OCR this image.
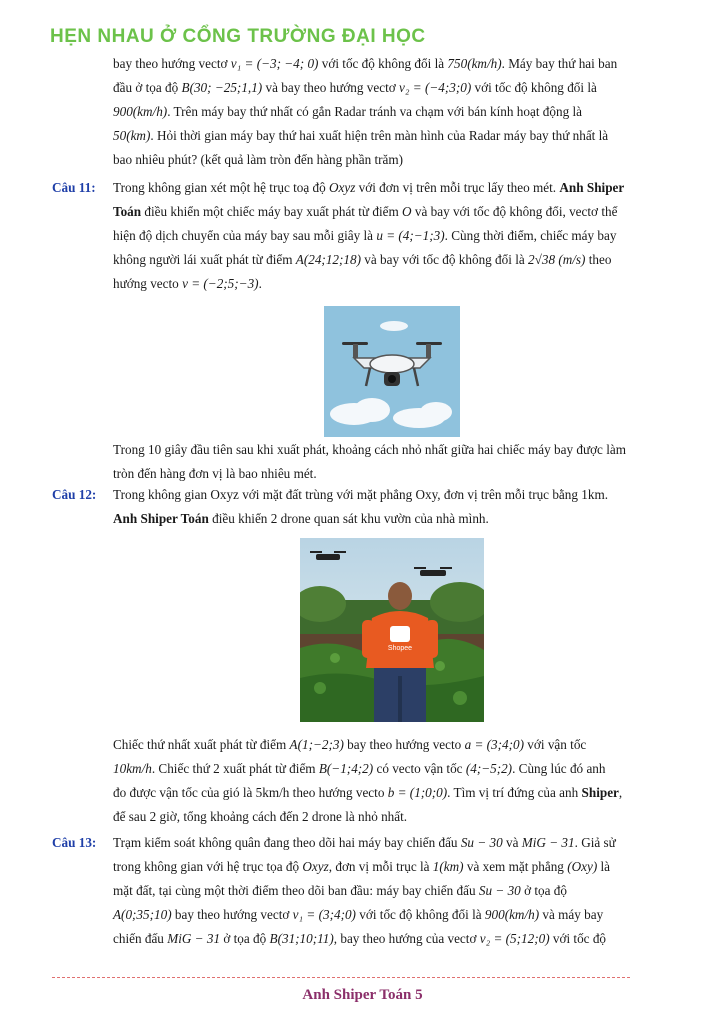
HẸN NHAU Ở CỔNG TRƯỜNG ĐẠI HỌC
bay theo hướng vectơ v₁ = (−3; −4; 0) với tốc độ không đổi là 750(km/h). Máy bay thứ hai ban
đầu ở tọa độ B(30; −25;1,1) và bay theo hướng vectơ v₂ = (−4;3;0) với tốc độ không đổi là
900(km/h). Trên máy bay thứ nhất có gắn Radar tránh va chạm với bán kính hoạt động là
50(km). Hỏi thời gian máy bay thứ hai xuất hiện trên màn hình của Radar máy bay thứ nhất là
bao nhiêu phút? (kết quả làm tròn đến hàng phần trăm)
Câu 11: Trong không gian xét một hệ trục toạ độ Oxyz với đơn vị trên mỗi trục lấy theo mét. Anh Shiper
Toán điều khiển một chiếc máy bay xuất phát từ điểm O và bay với tốc độ không đổi, vectơ thể
hiện độ dịch chuyển của máy bay sau mỗi giây là u = (4;−1;3). Cùng thời điểm, chiếc máy bay
không người lái xuất phát từ điểm A(24;12;18) và bay với tốc độ không đổi là 2√38 (m/s) theo
hướng vecto v = (−2;5;−3).
Trong 10 giây đầu tiên sau khi xuất phát, khoảng cách nhỏ nhất giữa hai chiếc máy bay được làm
tròn đến hàng đơn vị là bao nhiêu mét.
Câu 12: Trong không gian Oxyz với mặt đất trùng với mặt phẳng Oxy, đơn vị trên mỗi trục bằng 1km.
Anh Shiper Toán điều khiển 2 drone quan sát khu vườn của nhà mình.
Shopee
Chiếc thứ nhất xuất phát từ điểm A(1;−2;3) bay theo hướng vecto a = (3;4;0) với vận tốc
10km/h. Chiếc thứ 2 xuất phát từ điểm B(−1;4;2) có vecto vận tốc (4;−5;2). Cùng lúc đó anh
đo được vận tốc của gió là 5km/h theo hướng vecto b = (1;0;0). Tìm vị trí đứng của anh Shiper,
để sau 2 giờ, tổng khoảng cách đến 2 drone là nhỏ nhất.
Câu 13: Trạm kiểm soát không quân đang theo dõi hai máy bay chiến đấu Su − 30 và MiG − 31. Giả sử
trong không gian với hệ trục tọa độ Oxyz, đơn vị mỗi trục là 1(km) và xem mặt phẳng (Oxy) là
mặt đất, tại cùng một thời điểm theo dõi ban đầu: máy bay chiến đấu Su − 30 ở tọa độ
A(0;35;10) bay theo hướng vectơ v₁ = (3;4;0) với tốc độ không đổi là 900(km/h) và máy bay
chiến đấu MiG − 31 ở tọa độ B(31;10;11), bay theo hướng của vectơ v₂ = (5;12;0) với tốc độ
Anh Shiper Toán 5
